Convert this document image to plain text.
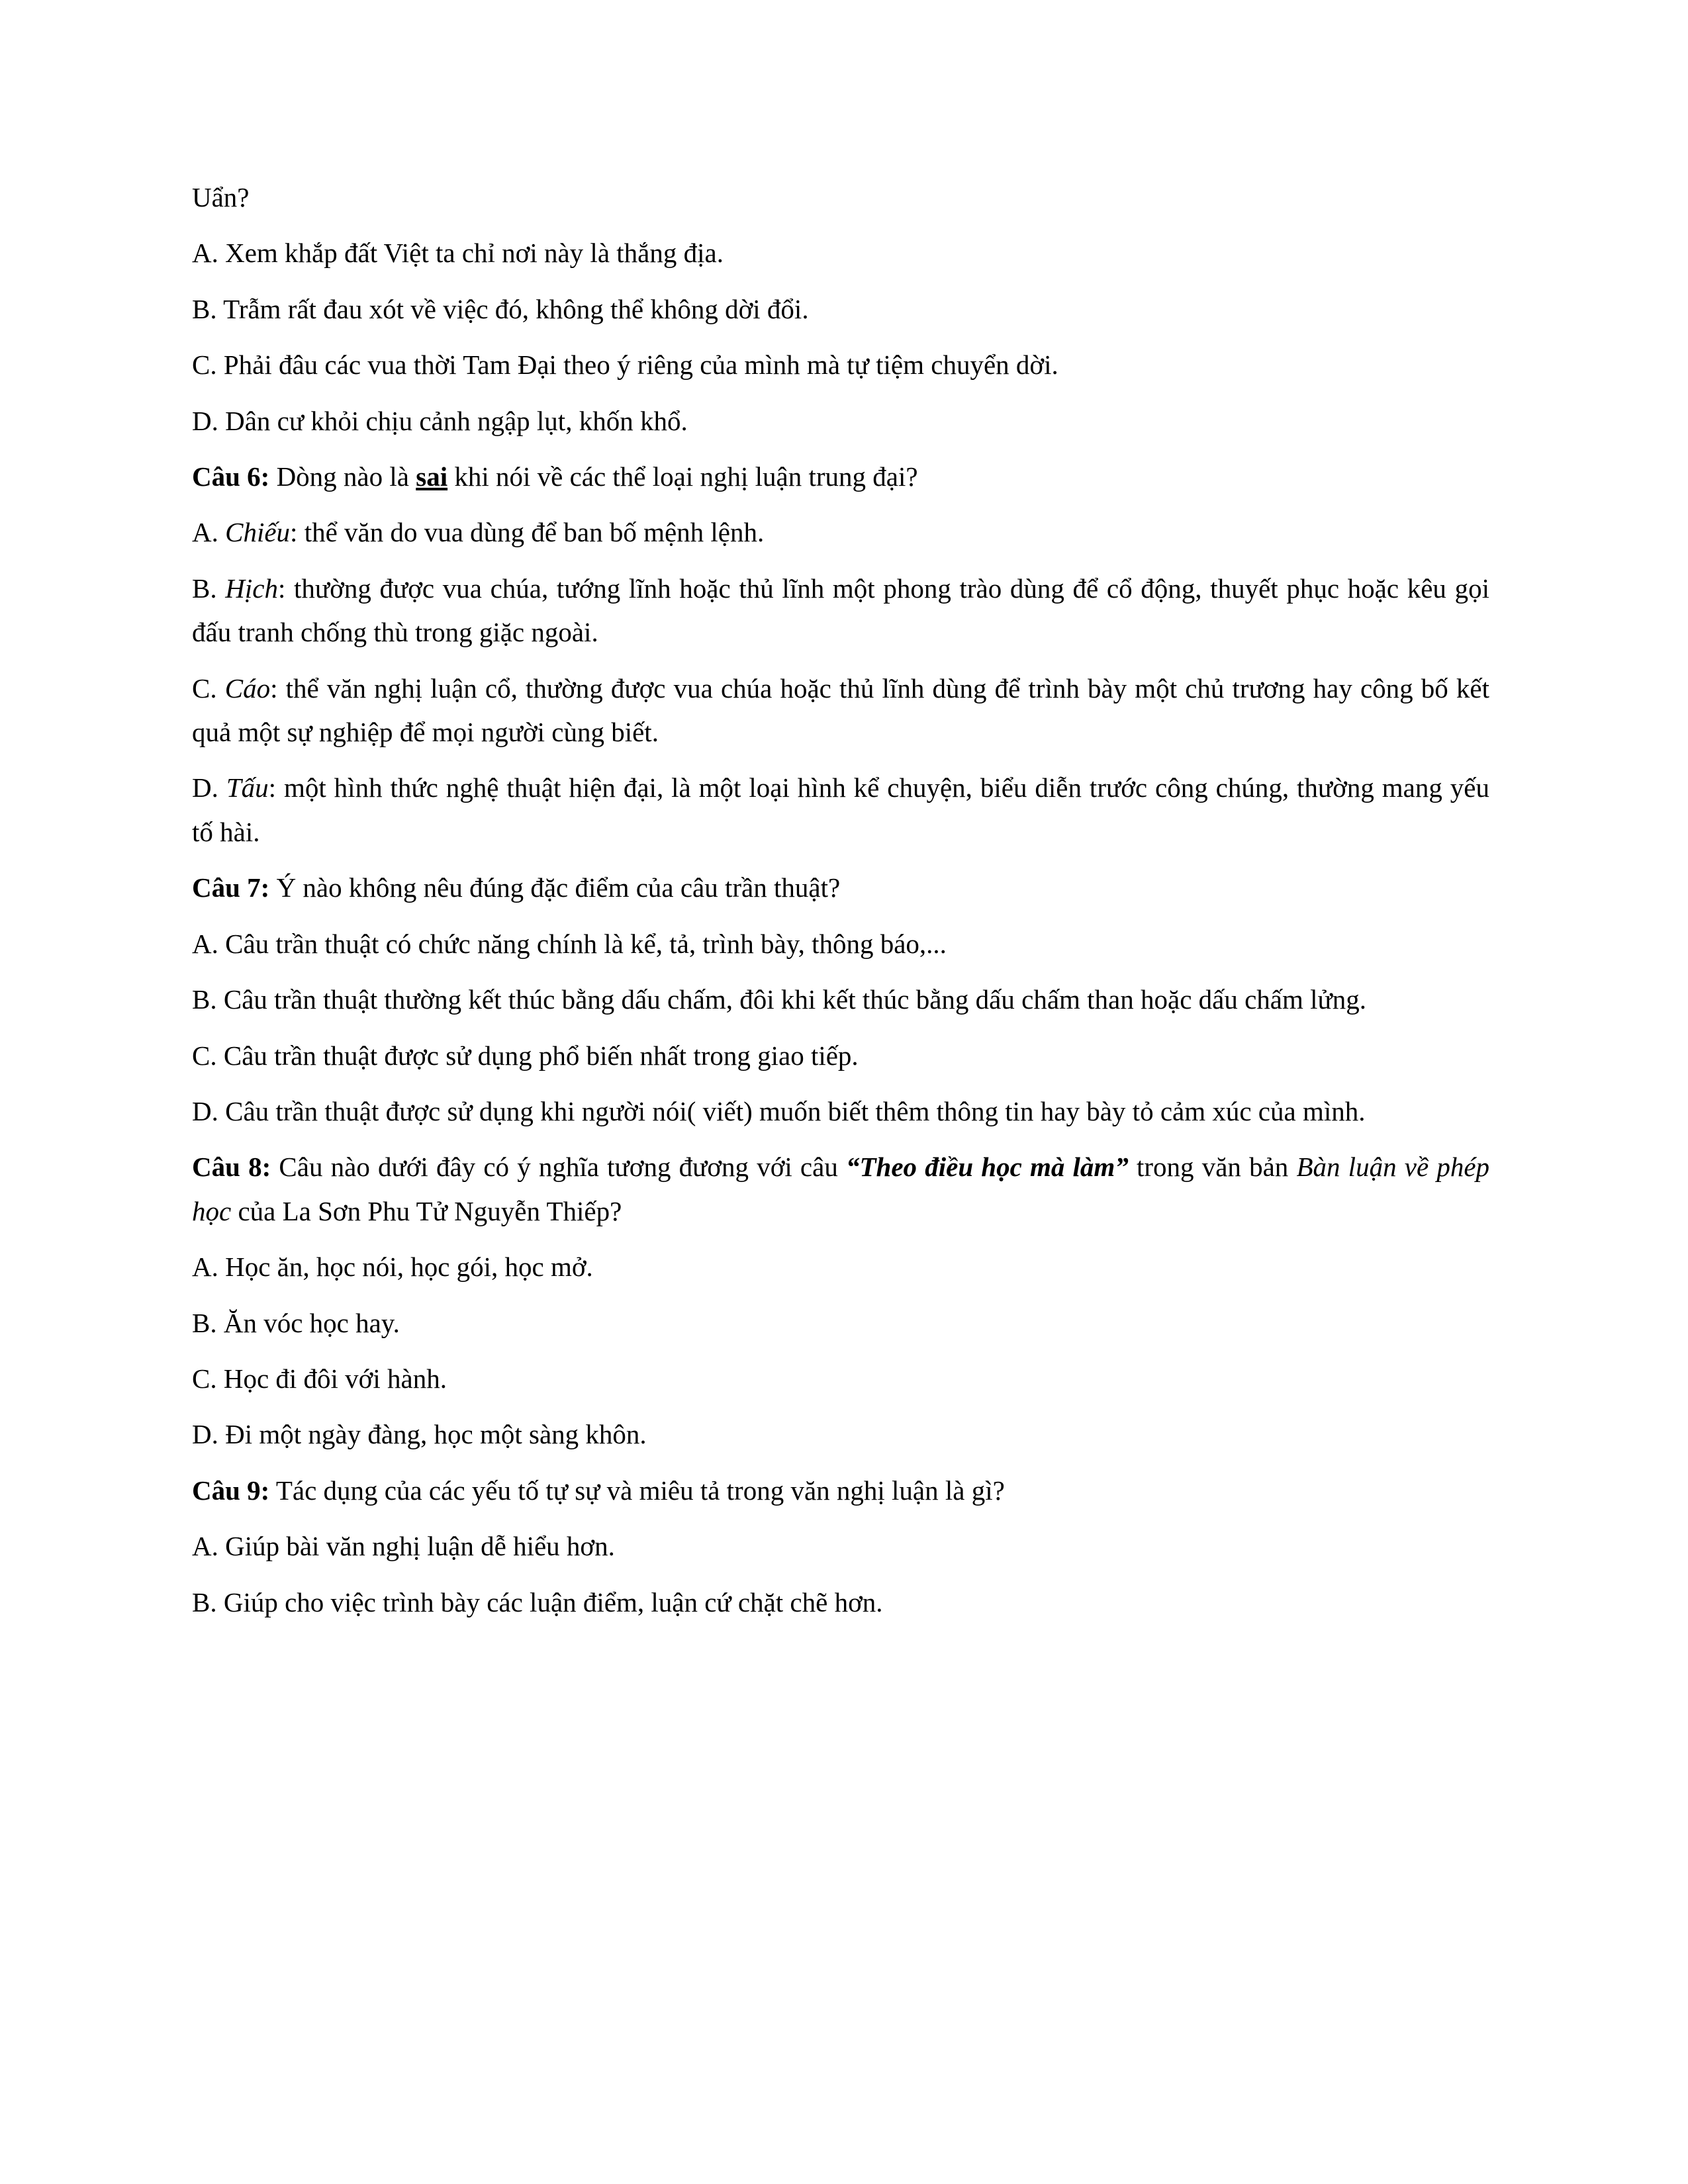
Uẩn?

A. Xem khắp đất Việt ta chỉ nơi này là thắng địa.

B. Trẫm rất đau xót về việc đó, không thể không dời đổi.

C. Phải đâu các vua thời Tam Đại theo ý riêng của mình mà tự tiệm chuyển dời.

D. Dân cư khỏi chịu cảnh ngập lụt, khốn khổ.

Câu 6: Dòng nào là sai khi nói về các thể loại nghị luận trung đại?

A. Chiếu: thể văn do vua dùng để ban bố mệnh lệnh.

B. Hịch: thường được vua chúa, tướng lĩnh hoặc thủ lĩnh một phong trào dùng để cổ động, thuyết phục hoặc kêu gọi đấu tranh chống thù trong giặc ngoài.

C. Cáo: thể văn nghị luận cổ, thường được vua chúa hoặc thủ lĩnh dùng để trình bày một chủ trương hay công bố kết quả một sự nghiệp để mọi người cùng biết.

D. Tấu: một hình thức nghệ thuật hiện đại, là một loại hình kể chuyện, biểu diễn trước công chúng, thường mang yếu tố hài.

Câu 7: Ý nào không nêu đúng đặc điểm của câu trần thuật?

A. Câu trần thuật có chức năng chính là kể, tả, trình bày, thông báo,...

B. Câu trần thuật thường kết thúc bằng dấu chấm, đôi khi kết thúc bằng dấu chấm than hoặc dấu chấm lửng.

C. Câu trần thuật được sử dụng phổ biến nhất trong giao tiếp.

D. Câu trần thuật được sử dụng khi người nói( viết) muốn biết thêm thông tin hay bày tỏ cảm xúc của mình.

Câu 8: Câu nào dưới đây có ý nghĩa tương đương với câu “Theo điều học mà làm” trong văn bản Bàn luận về phép học của La Sơn Phu Tử Nguyễn Thiếp?

A. Học ăn, học nói, học gói, học mở.

B. Ăn vóc học hay.

C. Học đi đôi với hành.

D. Đi một ngày đàng, học một sàng khôn.

Câu 9: Tác dụng của các yếu tố tự sự và miêu tả trong văn nghị luận là gì?

A. Giúp bài văn nghị luận dễ hiểu hơn.

B. Giúp cho việc trình bày các luận điểm, luận cứ chặt chẽ hơn.
